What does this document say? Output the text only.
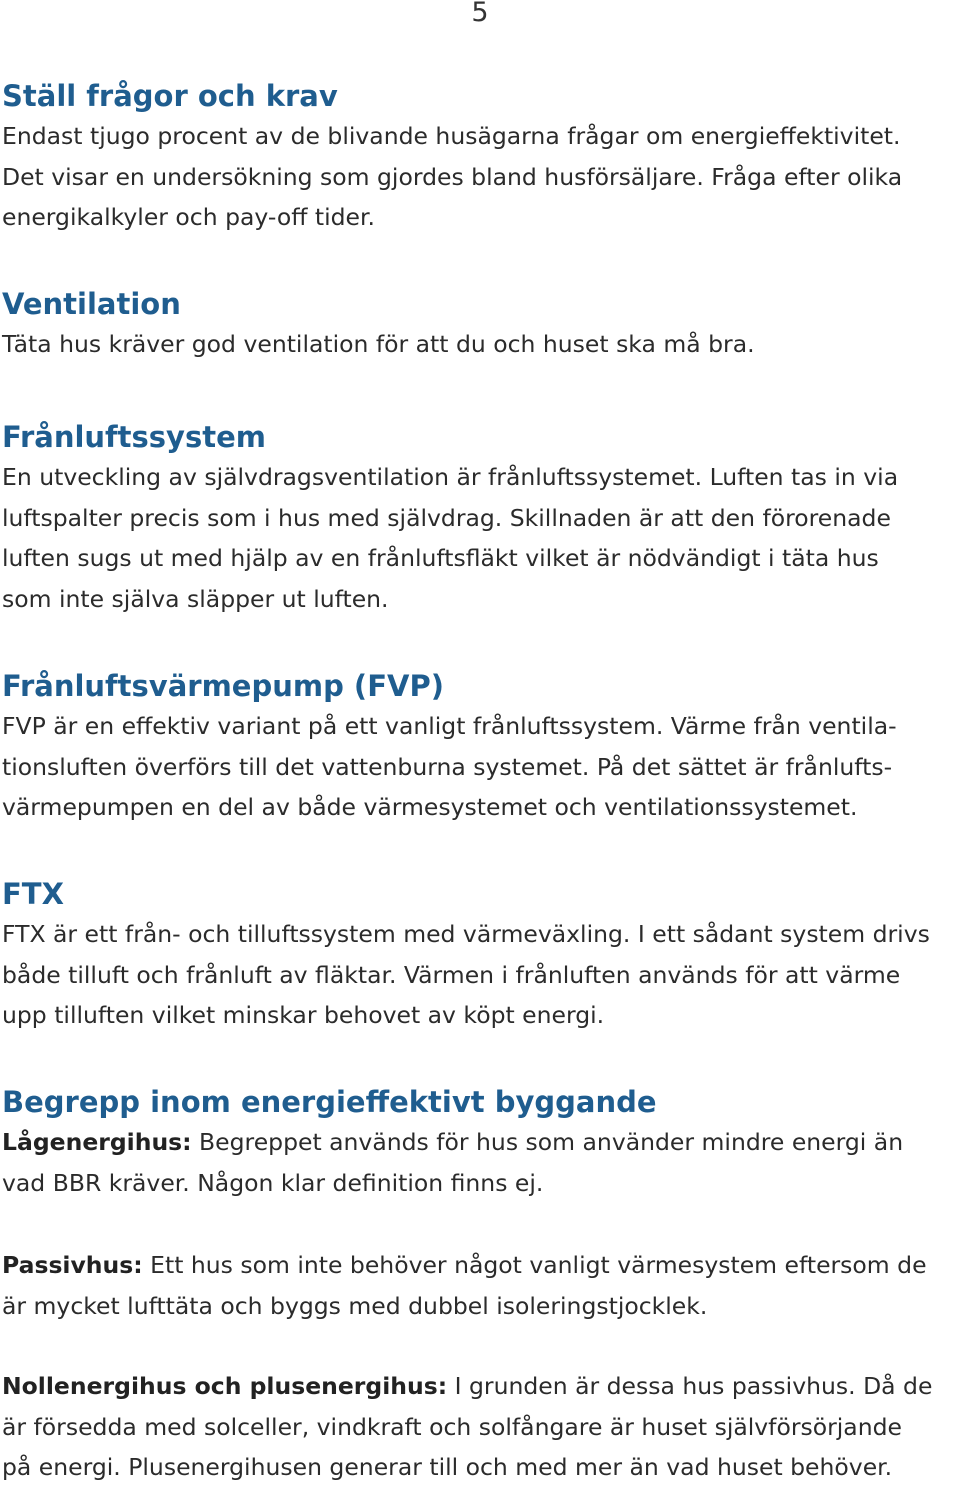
5
Ställ frågor och krav

Endast tjugo procent av de blivande husägarna frågar om energieffektivitet.
Det visar en undersökning som gjordes bland husförsäljare. Fråga efter olika
energikalkyler och pay-off tider.

Ventilation

Täta hus kräver god ventilation för att du och huset ska må bra.

Frånluftssystem

En utveckling av självdragsventilation är frånluftssystemet. Luften tas in via
luftspalter precis som i hus med självdrag. Skillnaden är att den förorenade
luften sugs ut med hjälp av en frånluftsfläkt vilket är nödvändigt i täta hus
som inte själva släpper ut luften.

Frånluftsvärmepump (FVP)

FVP är en effektiv variant på ett vanligt frånluftssystem. Värme från ventila-
tionsluften överförs till det vattenburna systemet. På det sättet är frånlufts-
värmepumpen en del av både värmesystemet och ventilationssystemet.

FTX

FTX är ett från- och tilluftssystem med värmeväxling. I ett sådant system drivs
både tilluft och frånluft av fläktar. Värmen i frånluften används för att värme
upp tilluften vilket minskar behovet av köpt energi.

Begrepp inom energieffektivt byggande

Lågenergihus: Begreppet används för hus som använder mindre energi än
vad BBR kräver. Någon klar definition finns ej.

Passivhus: Ett hus som inte behöver något vanligt värmesystem eftersom de
är mycket lufttäta och byggs med dubbel isoleringstjocklek.

Nollenergihus och plusenergihus: I grunden är dessa hus passivhus. Då de
är försedda med solceller, vindkraft och solfångare är huset självförsörjande
på energi. Plusenergihusen generar till och med mer än vad huset behöver.
